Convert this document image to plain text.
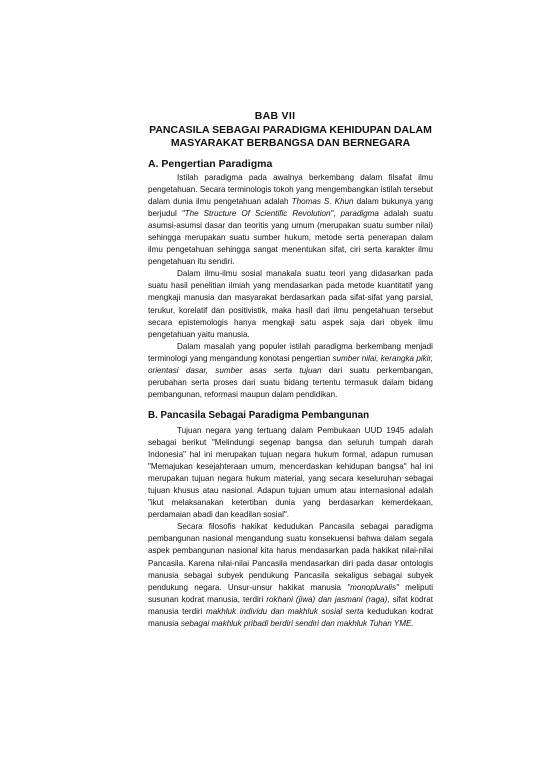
BAB VII
PANCASILA SEBAGAI PARADIGMA KEHIDUPAN DALAM MASYARAKAT BERBANGSA DAN BERNEGARA
A. Pengertian Paradigma

Istilah paradigma pada awalnya berkembang dalam filsafat ilmu pengetahuan. Secara terminologis tokoh yang mengembangkan istilah tersebut dalam dunia ilmu pengetahuan adalah Thomas S. Khun dalam bukunya yang berjudul "The Structure Of Scientific Revolution", paradigma adalah suatu asumsi-asumsi dasar dan teoritis yang umum (merupakan suatu sumber nilai) sehingga merupakan suatu sumber hukum, metode serta penerapan dalam ilmu pengetahuan sehingga sangat menentukan sifat, ciri serta karakter ilmu pengetahuan itu sendiri.

Dalam ilmu-ilmu sosial manakala suatu teori yang didasarkan pada suatu hasil penelitian ilmiah yang mendasarkan pada metode kuantitatif yang mengkaji manusia dan masyarakat berdasarkan pada sifat-sifat yang parsial, terukur, korelatif dan positivistik, maka hasil dari ilmu pengetahuan tersebut secara epistemologis hanya mengkaji satu aspek saja dari obyek ilmu pengetahuan yaitu manusia.

Dalam masalah yang populer istilah paradigma berkembang menjadi terminologi yang mengandung konotasi pengertian sumber nilai, kerangka pikir, orientasi dasar, sumber asas serta tujuan dari suatu perkembangan, perubahan serta proses dari suatu bidang tertentu termasuk dalam bidang pembangunan, reformasi maupun dalam pendidikan.

B. Pancasila Sebagai Paradigma Pembangunan

Tujuan negara yang tertuang dalam Pembukaan UUD 1945 adalah sebagai berikut "Melindungi segenap bangsa dan seluruh tumpah darah Indonesia" hal ini merupakan tujuan negara hukum formal, adapun rumusan "Memajukan kesejahteraan umum, mencerdaskan kehidupan bangsa" hal ini merupakan tujuan negara hukum material, yang secara keseluruhan sebagai tujuan khusus atau nasional. Adapun tujuan umum atau internasional adalah "ikut melaksanakan ketertiban dunia yang berdasarkan kemerdekaan, perdamaian abadi dan keadilan sosial".

Secara filosofis hakikat kedudukan Pancasila sebagai paradigma pembangunan nasional mengandung suatu konsekuensi bahwa dalam segala aspek pembangunan nasional kita harus mendasarkan pada hakikat nilai-nilai Pancasila. Karena nilai-nilai Pancasila mendasarkan diri pada dasar ontologis manusia sebagai subyek pendukung Pancasila sekaligus sebagai subyek pendukung negara. Unsur-unsur hakikat manusia "monopluralis" meliputi susunan kodrat manusia, terdiri rokhani (jiwa) dan jasmani (raga), sifat kodrat manusia terdiri makhluk individu dan makhluk sosial serta kedudukan kodrat manusia sebagai makhluk pribadi berdiri sendiri dan makhluk Tuhan YME.
